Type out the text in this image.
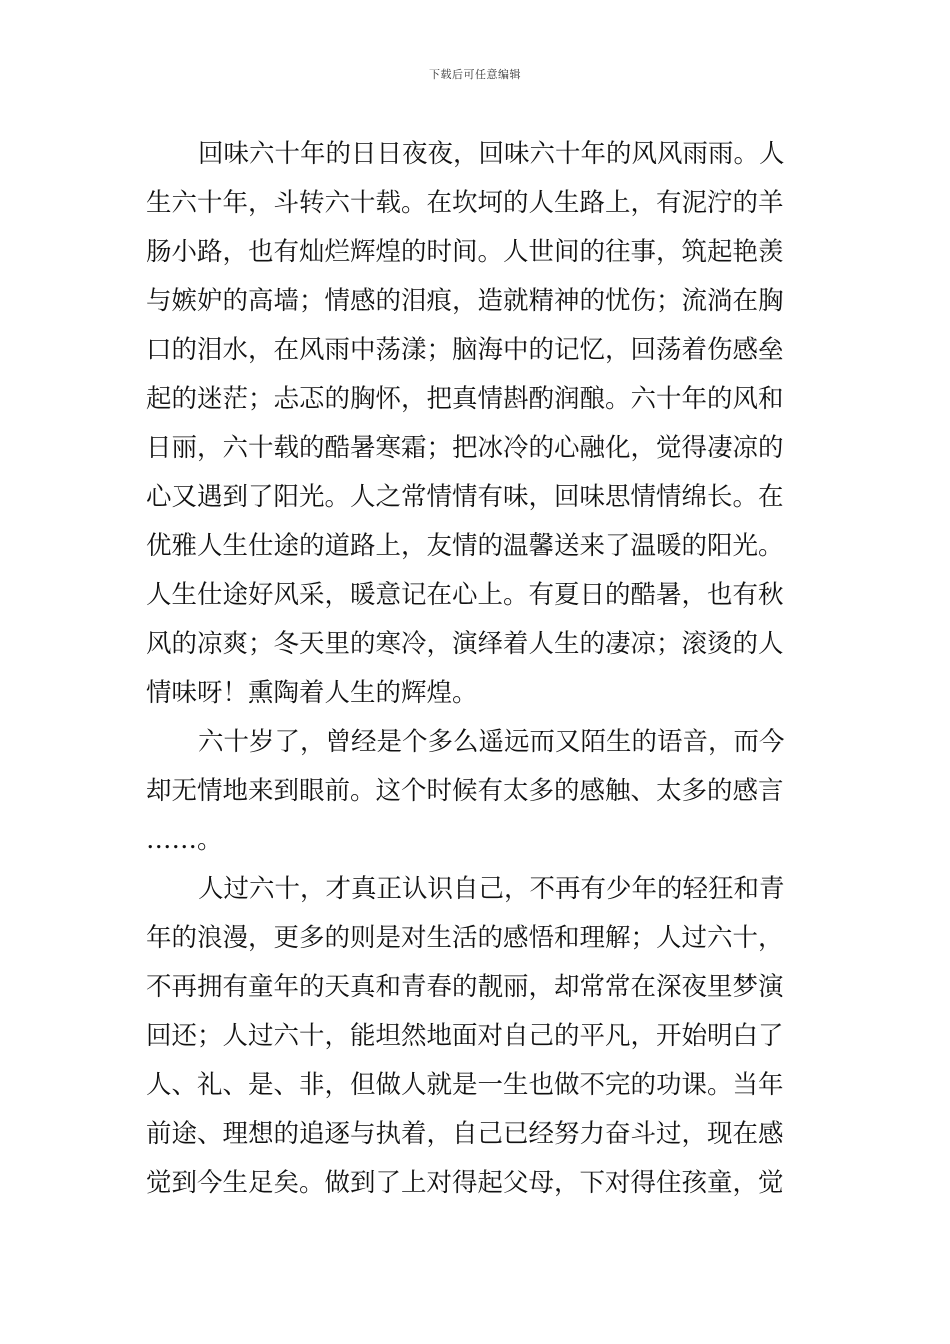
下载后可任意编辑
回味六十年的日日夜夜，回味六十年的风风雨雨。人
生六十年，斗转六十载。在坎坷的人生路上，有泥泞的羊
肠小路，也有灿烂辉煌的时间。人世间的往事，筑起艳羡
与嫉妒的高墙；情感的泪痕，造就精神的忧伤；流淌在胸
口的泪水，在风雨中荡漾；脑海中的记忆，回荡着伤感垒
起的迷茫；忐忑的胸怀，把真情斟酌润酿。六十年的风和
日丽，六十载的酷暑寒霜；把冰冷的心融化，觉得凄凉的
心又遇到了阳光。人之常情情有味，回味思情情绵长。在
优雅人生仕途的道路上，友情的温馨送来了温暖的阳光。
人生仕途好风采，暖意记在心上。有夏日的酷暑，也有秋
风的凉爽；冬天里的寒冷，演绎着人生的凄凉；滚烫的人
情味呀！熏陶着人生的辉煌。
六十岁了，曾经是个多么遥远而又陌生的语音，而今
却无情地来到眼前。这个时候有太多的感触、太多的感言
……。
人过六十，才真正认识自己，不再有少年的轻狂和青
年的浪漫，更多的则是对生活的感悟和理解；人过六十，
不再拥有童年的天真和青春的靓丽，却常常在深夜里梦演
回还；人过六十，能坦然地面对自己的平凡，开始明白了
人、礼、是、非，但做人就是一生也做不完的功课。当年
前途、理想的追逐与执着，自己已经努力奋斗过，现在感
觉到今生足矣。做到了上对得起父母，下对得住孩童，觉
